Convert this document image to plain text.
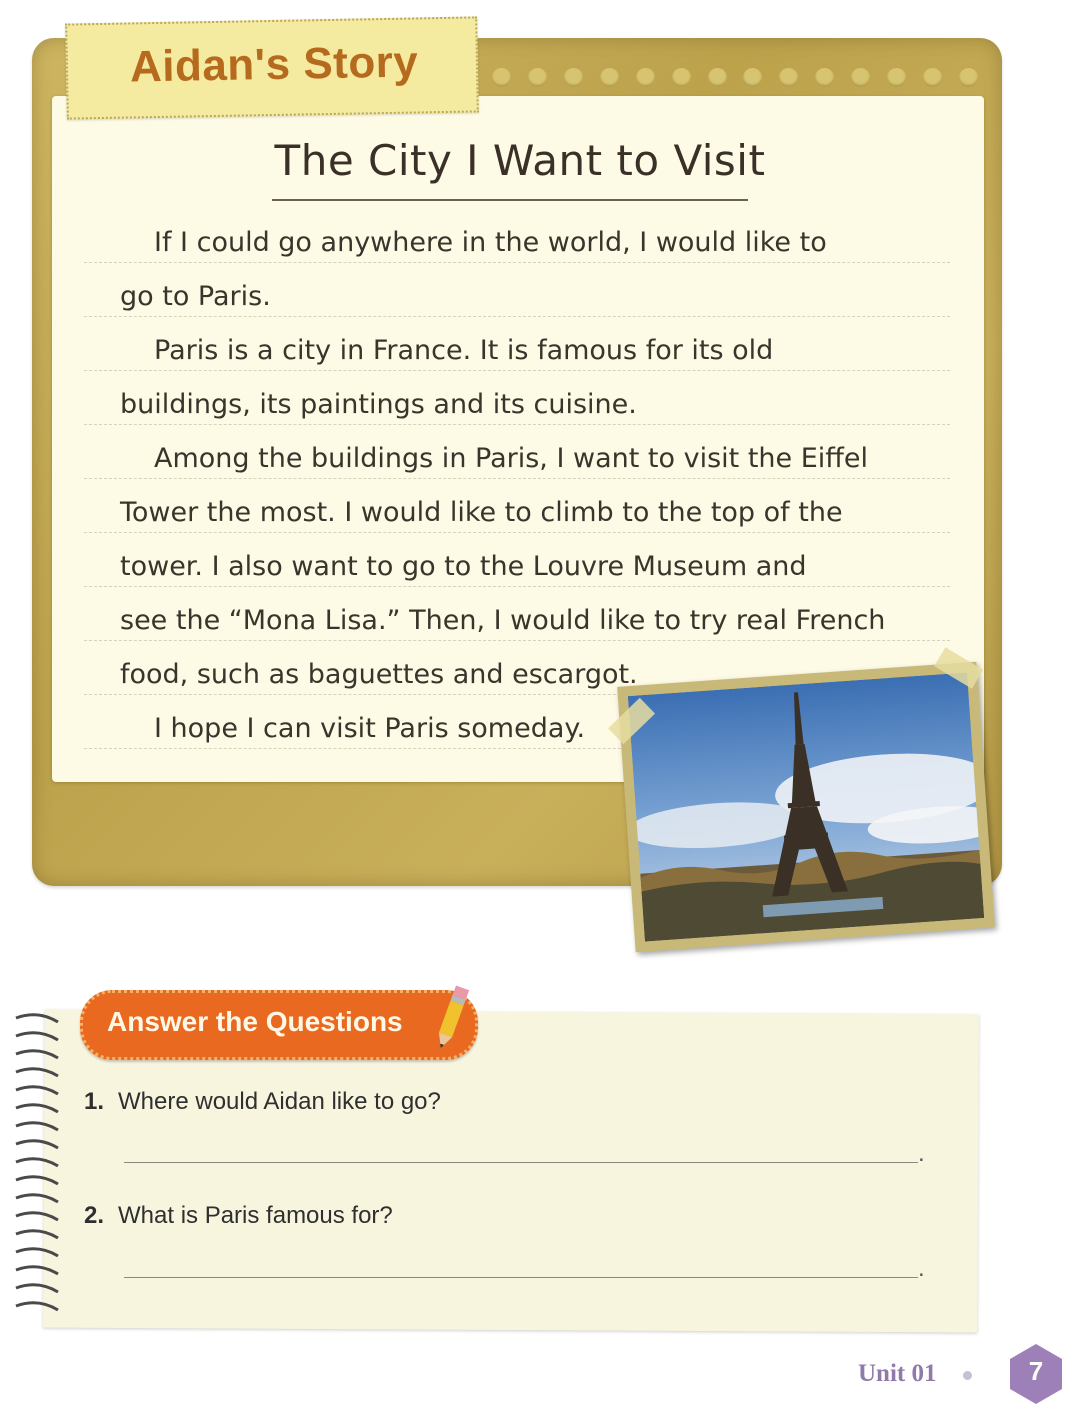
Aidan's Story
The City I Want to Visit
If I could go anywhere in the world, I would like to
go to Paris.
Paris is a city in France. It is famous for its old
buildings, its paintings and its cuisine.
Among the buildings in Paris, I want to visit the Eiffel
Tower the most. I would like to climb to the top of the
tower. I also want to go to the Louvre Museum and
see the “Mona Lisa.” Then, I would like to try real French
food, such as baguettes and escargot.
I hope I can visit Paris someday.
Answer the Questions
1. Where would Aidan like to go?
.
2. What is Paris famous for?
.
Unit 01	7
